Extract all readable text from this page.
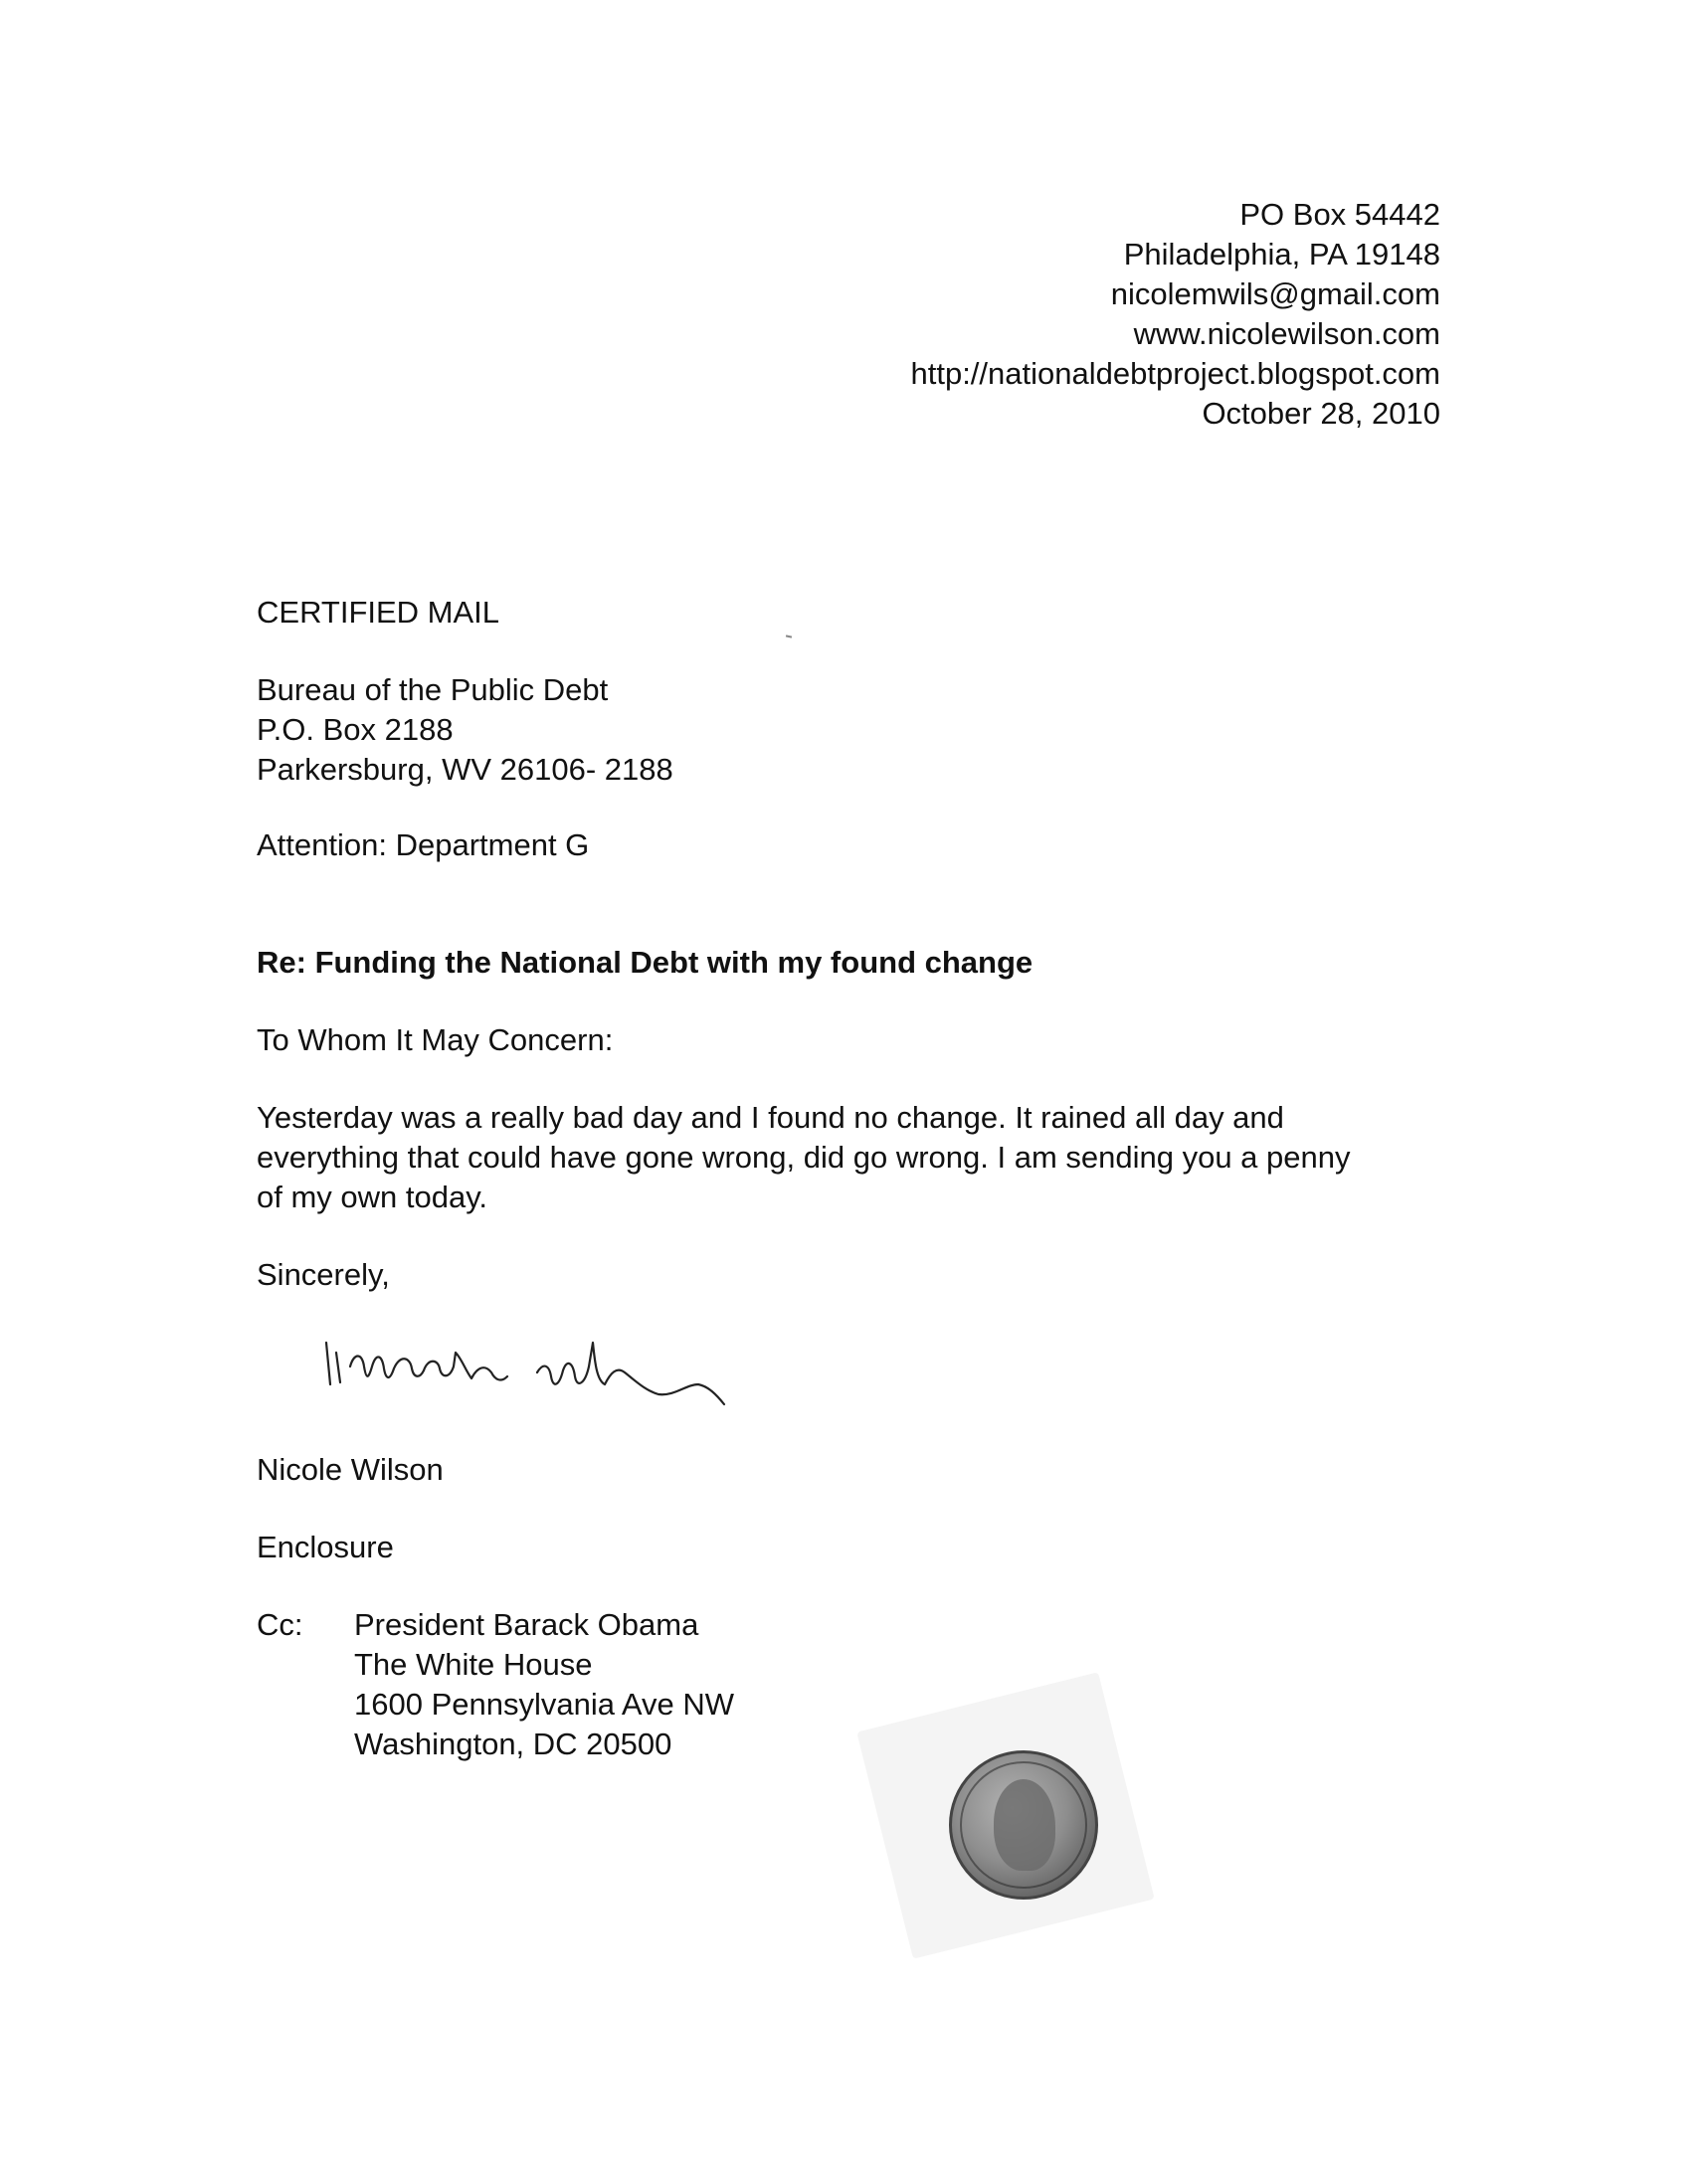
PO Box 54442
Philadelphia, PA 19148
nicolemwils@gmail.com
www.nicolewilson.com
http://nationaldebtproject.blogspot.com
October 28, 2010
CERTIFIED MAIL
Bureau of the Public Debt
P.O. Box 2188
Parkersburg, WV 26106- 2188
Attention: Department G
Re: Funding the National Debt with my found change
To Whom It May Concern:
Yesterday was a really bad day and I found no change. It rained all day and
everything that could have gone wrong, did go wrong. I am sending you a penny
of my own today.
Sincerely,
Nicole Wilson
Enclosure
Cc:	President Barack Obama
The White House
1600 Pennsylvania Ave NW
Washington, DC 20500
